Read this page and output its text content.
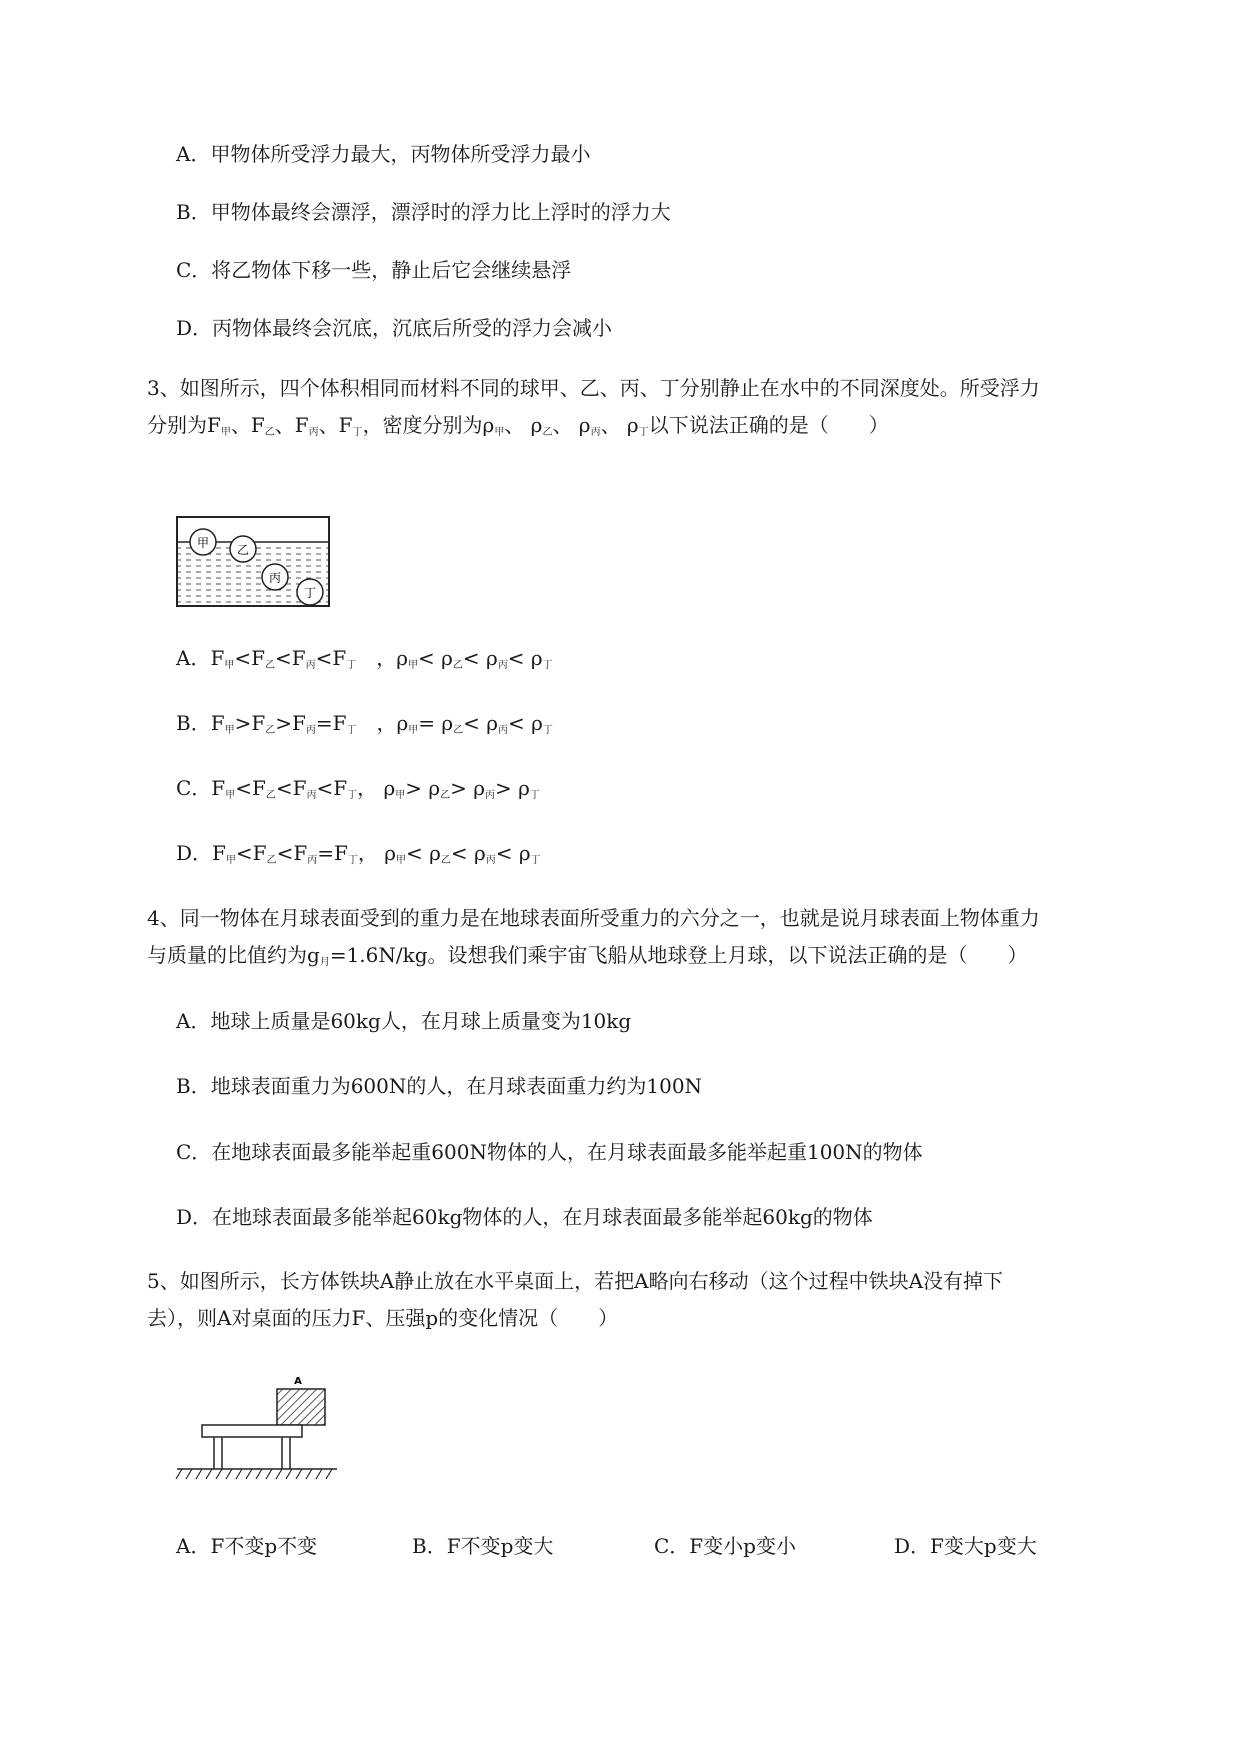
A．甲物体所受浮力最大，丙物体所受浮力最小
B．甲物体最终会漂浮，漂浮时的浮力比上浮时的浮力大
C．将乙物体下移一些，静止后它会继续悬浮
D．丙物体最终会沉底，沉底后所受的浮力会减小
3、如图所示，四个体积相同而材料不同的球甲、乙、丙、丁分别静止在水中的不同深度处。所受浮力
分别为$F_甲$、$F_乙$、$F_丙$、$F_丁$，密度分别为$\rho_甲$、 $\rho_乙$、 $\rho_丙$、 $\rho_丁$以下说法正确的是（　　）
甲 乙
丙
丁
A．$F_甲<F_乙<F_丙<F_丁$　，$\rho_甲< \rho_乙< \rho_丙< \rho_丁$
B．$F_甲>F_乙>F_丙=F_丁$　，$\rho_甲= \rho_乙< \rho_丙< \rho_丁$
C．$F_甲<F_乙<F_丙<F_丁$， $\rho_甲> \rho_乙> \rho_丙> \rho_丁$
D．$F_甲<F_乙<F_丙=F_丁$， $\rho_甲< \rho_乙< \rho_丙< \rho_丁$
4、同一物体在月球表面受到的重力是在地球表面所受重力的六分之一，也就是说月球表面上物体重力
与质量的比值约为$g_月=1.6N/kg$。设想我们乘宇宙飞船从地球登上月球，以下说法正确的是（　　）
A．地球上质量是60kg人，在月球上质量变为10kg
B．地球表面重力为600N的人，在月球表面重力约为100N
C．在地球表面最多能举起重600N物体的人，在月球表面最多能举起重100N的物体
D．在地球表面最多能举起60kg物体的人，在月球表面最多能举起60kg的物体
5、如图所示，长方体铁块A静止放在水平桌面上，若把A略向右移动（这个过程中铁块A没有掉下
去），则A对桌面的压力F、压强p的变化情况（　　）
A
A．F不变p不变	B．F不变p变大	C．F变小p变小	D．F变大p变大
